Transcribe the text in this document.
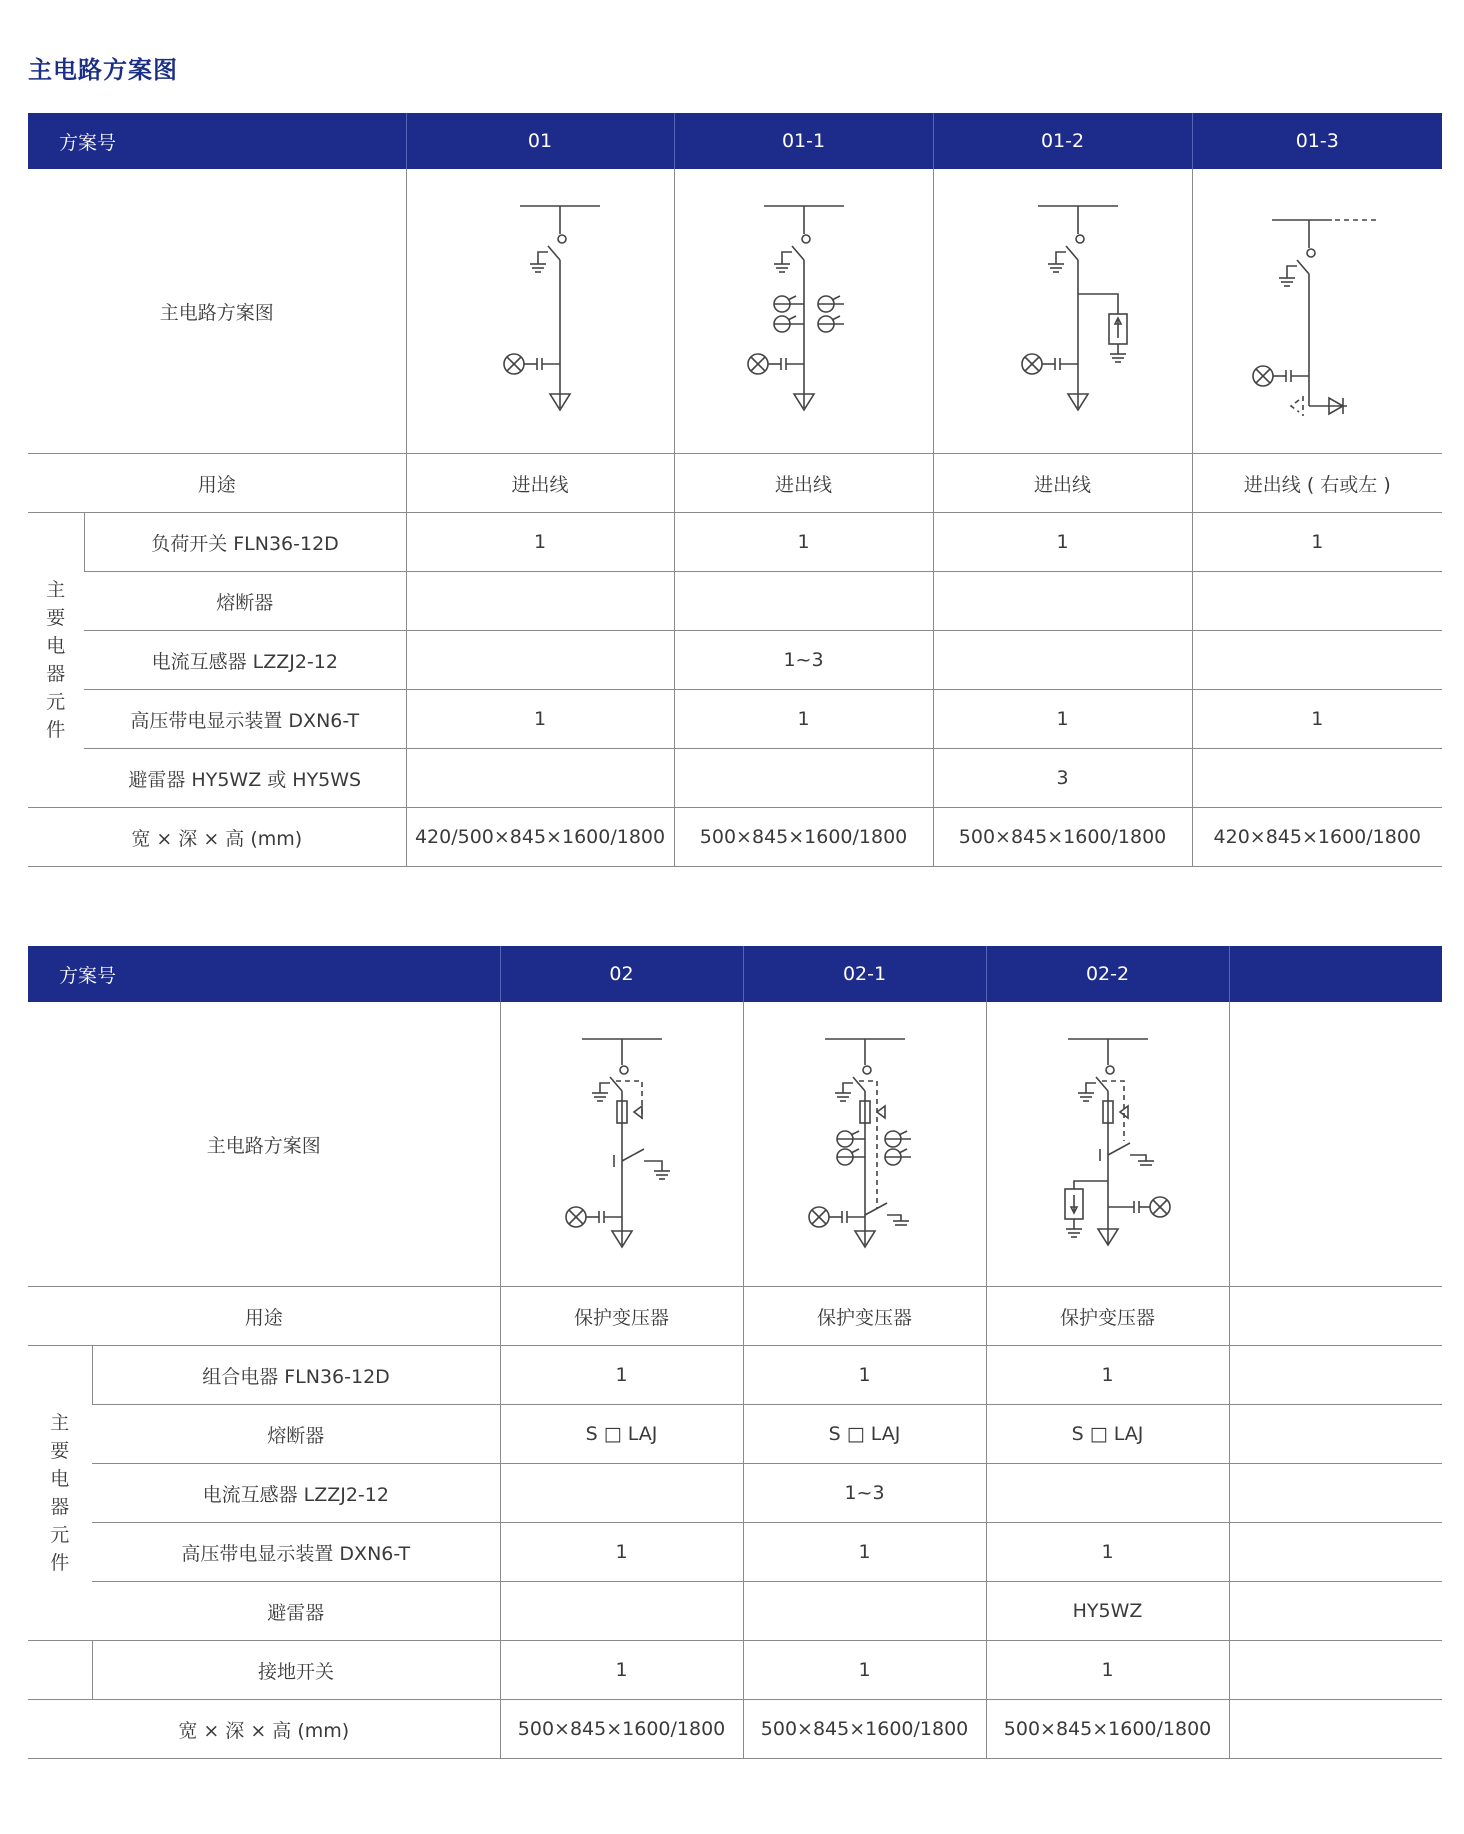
主电路方案图
方案号		01	01-1	01-2	01-3
主电路方案图	

用途		进出线	进出线	进出线	进出线 ( 右或左 )
主要电器元件	负荷开关 FLN36-12D	1	1	1	1
	熔断器				
	电流互感器 LZZJ2-12		1~3		
	高压带电显示装置 DXN6-T	1	1	1	1
	避雷器 HY5WZ 或 HY5WS			3	
宽 × 深 × 高 (mm)		420/500×845×1600/1800	500×845×1600/1800	500×845×1600/1800	420×845×1600/1800
方案号		02	02-1	02-2	
主电路方案图	

用途		保护变压器	保护变压器	保护变压器	
主要电器元件	组合电器 FLN36-12D	1	1	1	
	熔断器	S □ LAJ	S □ LAJ	S □ LAJ	
	电流互感器 LZZJ2-12		1~3		
	高压带电显示装置 DXN6-T	1	1	1	
	避雷器			HY5WZ	
	接地开关	1	1	1	
宽 × 深 × 高 (mm)		500×845×1600/1800	500×845×1600/1800	500×845×1600/1800	
